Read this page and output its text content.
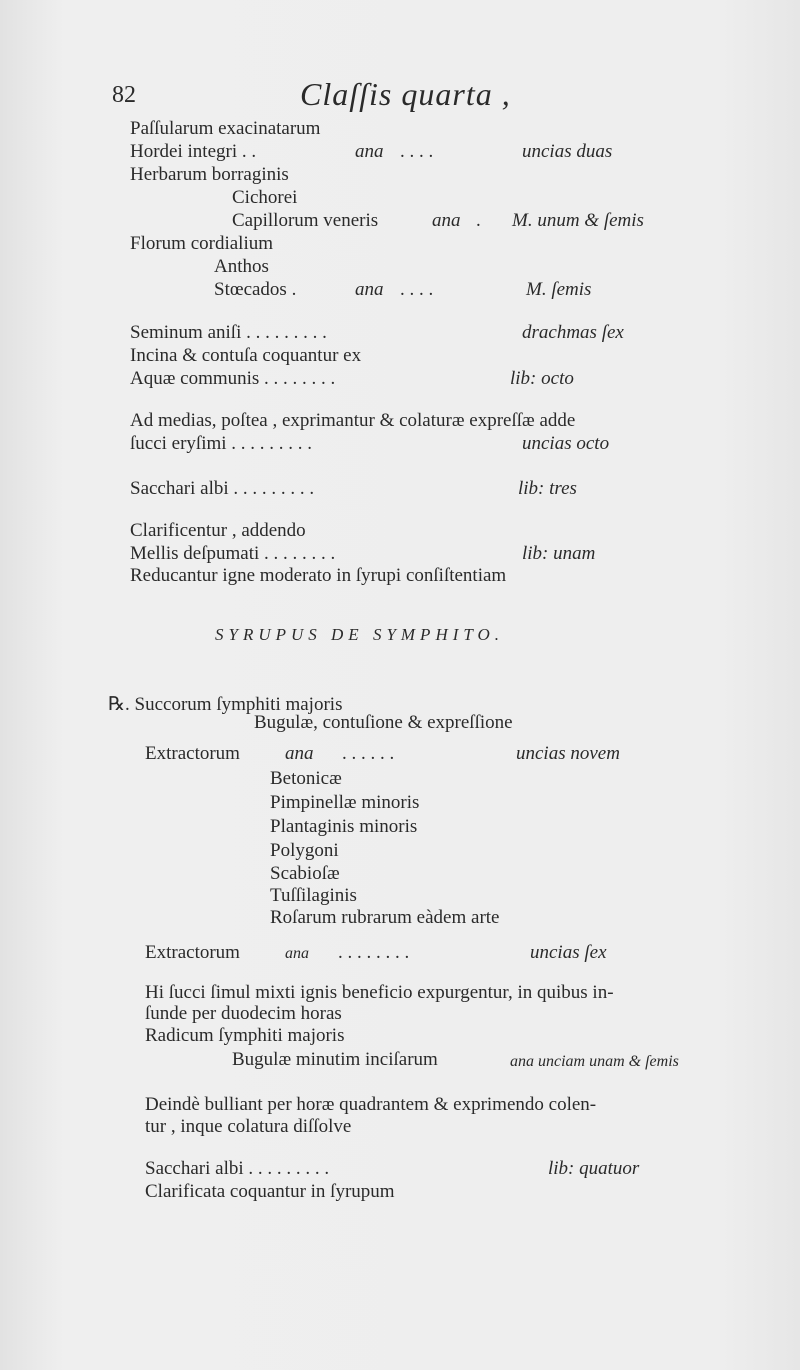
82	Claſſis quarta ,
Paſſularum exacinatarum
Hordei integri . .	ana . . . .	uncias duas
Herbarum borraginis
Cichorei
Capillorum veneris	ana . M. unum & ſemis
Florum cordialium
Anthos
Stœcados .	ana . . . .	M. ſemis
Seminum aniſi . . . . . . . . .	drachmas ſex
Incina & contuſa coquantur ex
Aquæ communis . . . . . . . .	lib: octo
Ad medias, poſtea , exprimantur & colaturæ expreſſæ adde
ſucci eryſimi . . . . . . . . .	uncias octo
Sacchari albi . . . . . . . . .	lib: tres
Clarificentur , addendo
Mellis deſpumati . . . . . . . .	lib: unam
Reducantur igne moderato in ſyrupi conſiſtentiam
SYRUPUS DE SYMPHITO.
℞. Succorum ſymphiti majoris
Bugulæ, contuſione & expreſſione
Extractorum ana . . . . . .	uncias novem
Betonicæ
Pimpinellæ minoris
Plantaginis minoris
Polygoni
Scabioſæ
Tuſſilaginis
Roſarum rubrarum eàdem arte
Extractorum	ana . . . . . . . .	uncias ſex
Hi ſucci ſimul mixti ignis beneficio expurgentur, in quibus in-
ſunde per duodecim horas
Radicum ſymphiti majoris
Bugulæ minutim inciſarum	ana unciam unam & ſemis
Deindè bulliant per horæ quadrantem & exprimendo colen-
tur , inque colatura diſſolve
Sacchari albi . . . . . . . . .	lib: quatuor
Clarificata coquantur in ſyrupum
